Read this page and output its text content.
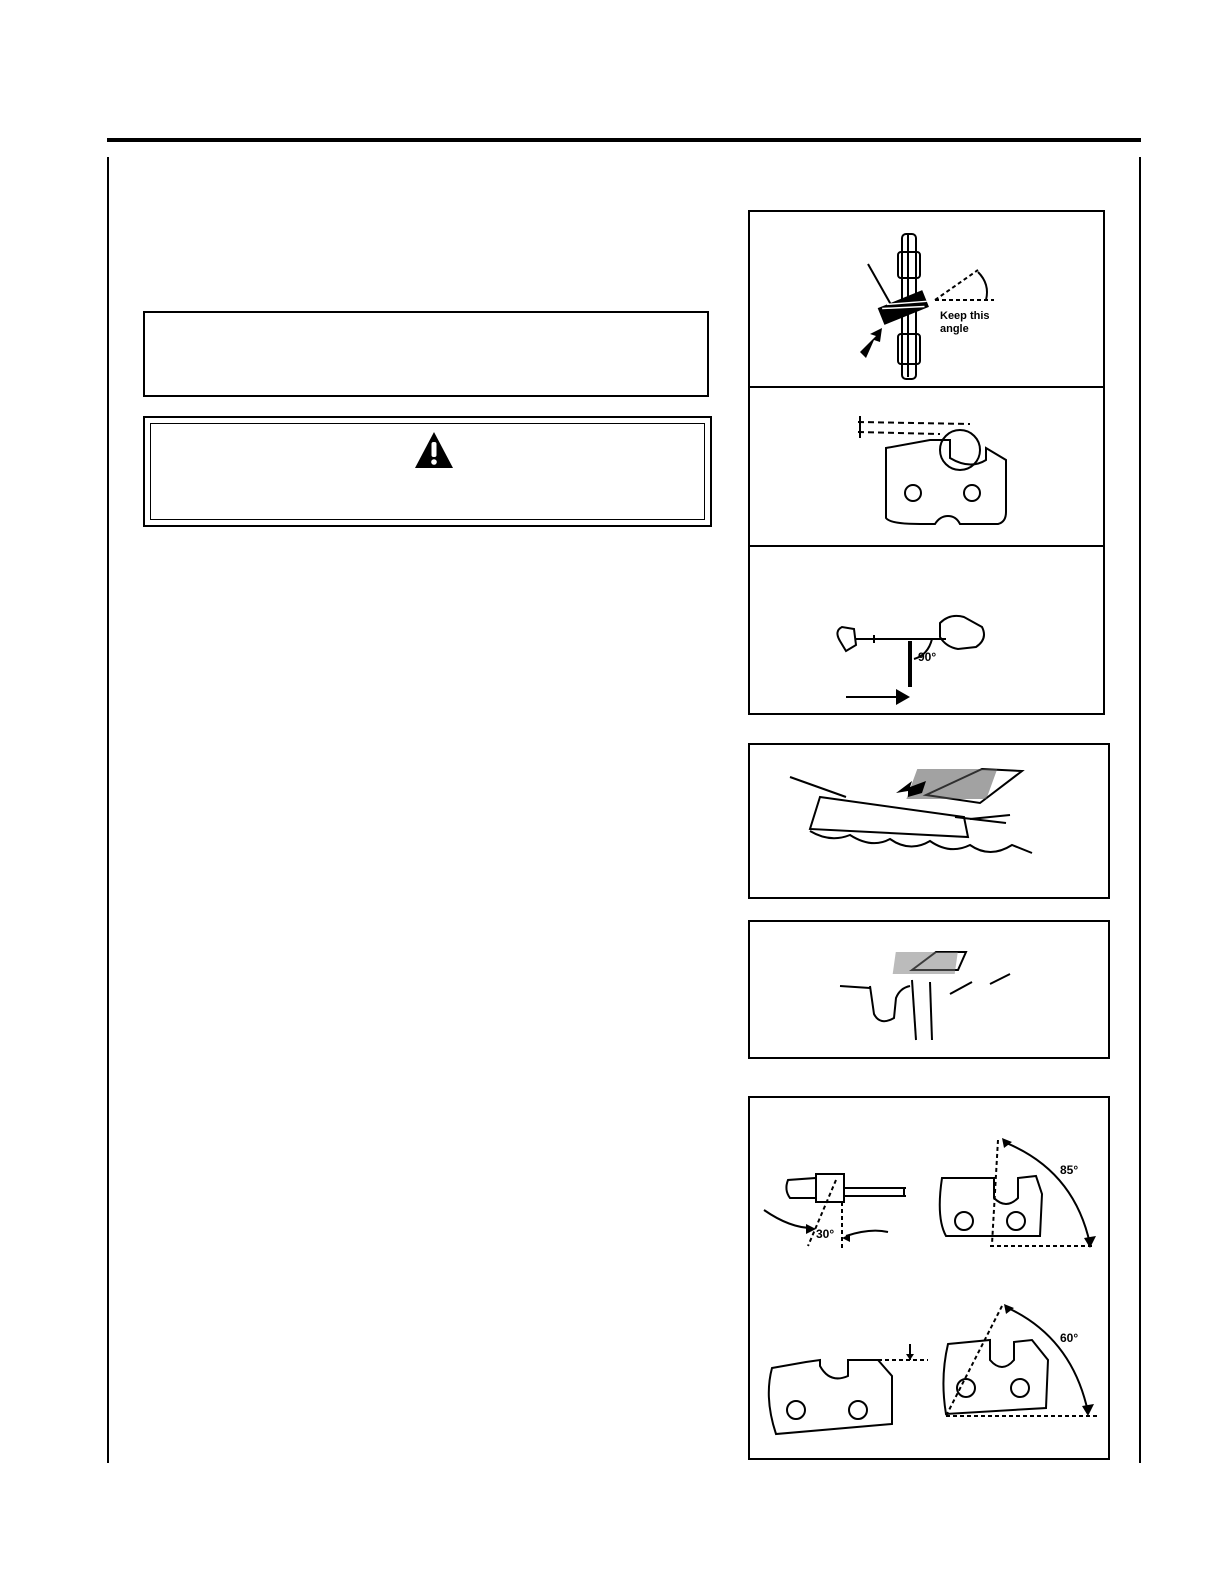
Keep this
angle
90°
30°
85°
60°
